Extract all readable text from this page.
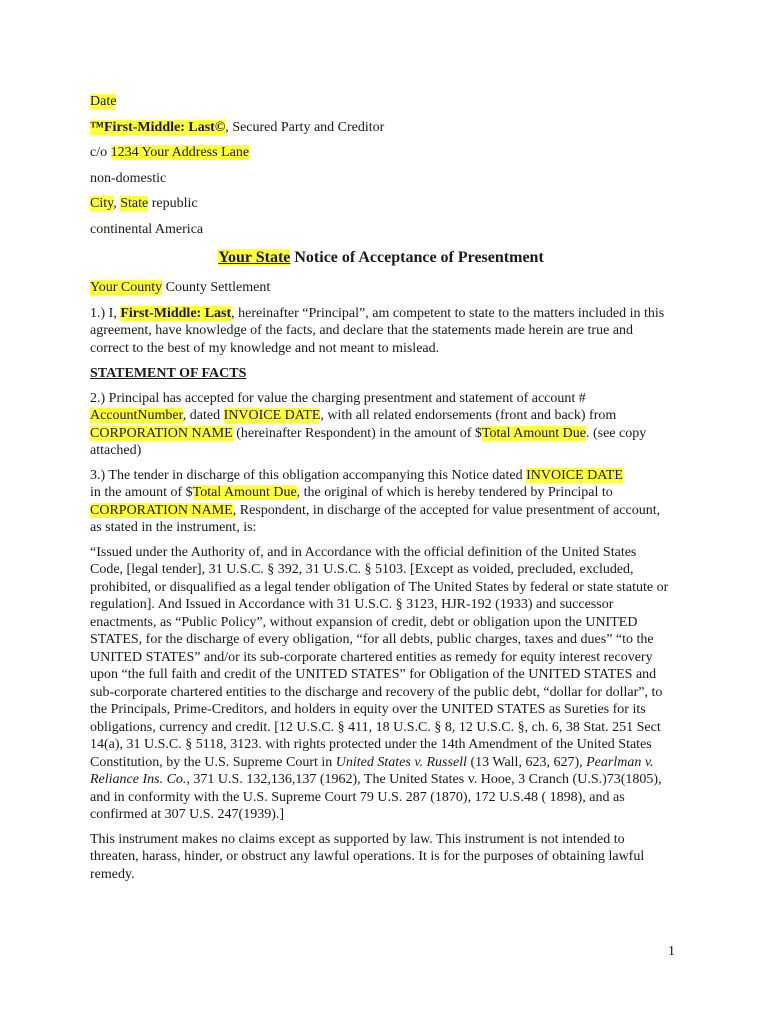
Date

™First-Middle: Last©, Secured Party and Creditor

c/o 1234 Your Address Lane

non-domestic

City, State republic

continental America

Your State Notice of Acceptance of Presentment

Your County County Settlement

1.) I, First-Middle: Last, hereinafter “Principal”, am competent to state to the matters included in this agreement, have knowledge of the facts, and declare that the statements made herein are true and correct to the best of my knowledge and not meant to mislead.

STATEMENT OF FACTS

2.) Principal has accepted for value the charging presentment and statement of account #
AccountNumber, dated INVOICE DATE, with all related endorsements (front and back) from
CORPORATION NAME (hereinafter Respondent) in the amount of $Total Amount Due. (see copy attached)

3.) The tender in discharge of this obligation accompanying this Notice dated INVOICE DATE
in the amount of $Total Amount Due, the original of which is hereby tendered by Principal to
CORPORATION NAME, Respondent, in discharge of the accepted for value presentment of account, as stated in the instrument, is:

“Issued under the Authority of, and in Accordance with the official definition of the United States Code, [legal tender], 31 U.S.C. § 392, 31 U.S.C. § 5103. [Except as voided, precluded, excluded, prohibited, or disqualified as a legal tender obligation of The United States by federal or state statute or regulation]. And Issued in Accordance with 31 U.S.C. § 3123, HJR-192 (1933) and successor enactments, as “Public Policy”, without expansion of credit, debt or obligation upon the UNITED STATES, for the discharge of every obligation, “for all debts, public charges, taxes and dues” “to the UNITED STATES” and/or its sub-corporate chartered entities as remedy for equity interest recovery upon “the full faith and credit of the UNITED STATES” for Obligation of the UNITED STATES and sub-corporate chartered entities to the discharge and recovery of the public debt, “dollar for dollar”, to the Principals, Prime-Creditors, and holders in equity over the UNITED STATES as Sureties for its obligations, currency and credit. [12 U.S.C. § 411, 18 U.S.C. § 8, 12 U.S.C. §, ch. 6, 38 Stat. 251 Sect 14(a), 31 U.S.C. § 5118, 3123. with rights protected under the 14th Amendment of the United States Constitution, by the U.S. Supreme Court in United States v. Russell (13 Wall, 623, 627), Pearlman v. Reliance Ins. Co., 371 U.S. 132,136,137 (1962), The United States v. Hooe, 3 Cranch (U.S.)73(1805), and in conformity with the U.S. Supreme Court 79 U.S. 287 (1870), 172 U.S.48 ( 1898), and as confirmed at 307 U.S. 247(1939).]

This instrument makes no claims except as supported by law. This instrument is not intended to threaten, harass, hinder, or obstruct any lawful operations. It is for the purposes of obtaining lawful remedy.

1
